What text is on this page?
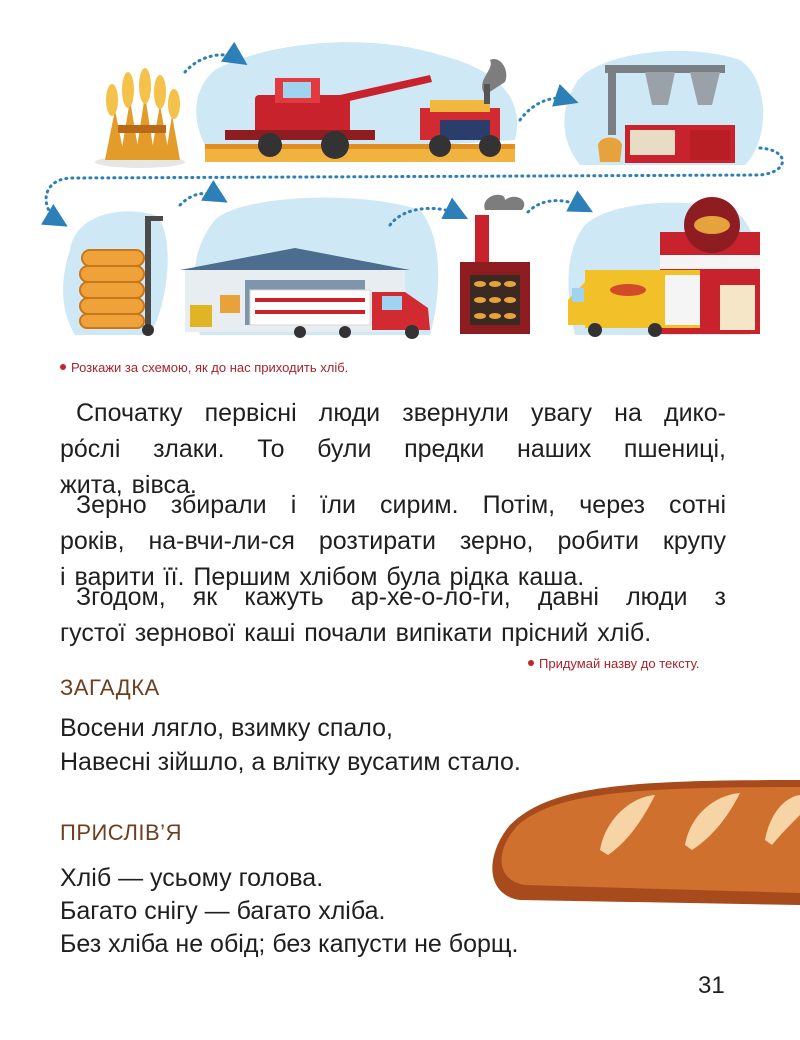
Розкажи за схемою, як до нас приходить хліб.
Спочатку первісні люди звернули увагу на дико-
ро́слі злаки. То були предки наших пшениці,
жита, вівса.
Зерно збирали і їли сирим. Потім, через сотні
років, на-вчи-ли-ся розтирати зерно, робити крупу
і варити її. Першим хлібом була рідка каша.
Згодом, як кажуть ар-хе-о-ло-ги, давні люди з
густої зернової каші почали випікати прісний хліб.
Придумай назву до тексту.
ЗАГАДКА
Восени лягло, взимку спало,
Навесні зійшло, а влітку вусатим стало.
ПРИСЛІВ’Я
Хліб — усьому голова.
Багато снігу — багато хліба.
Без хліба не обід; без капусти не борщ.
31
